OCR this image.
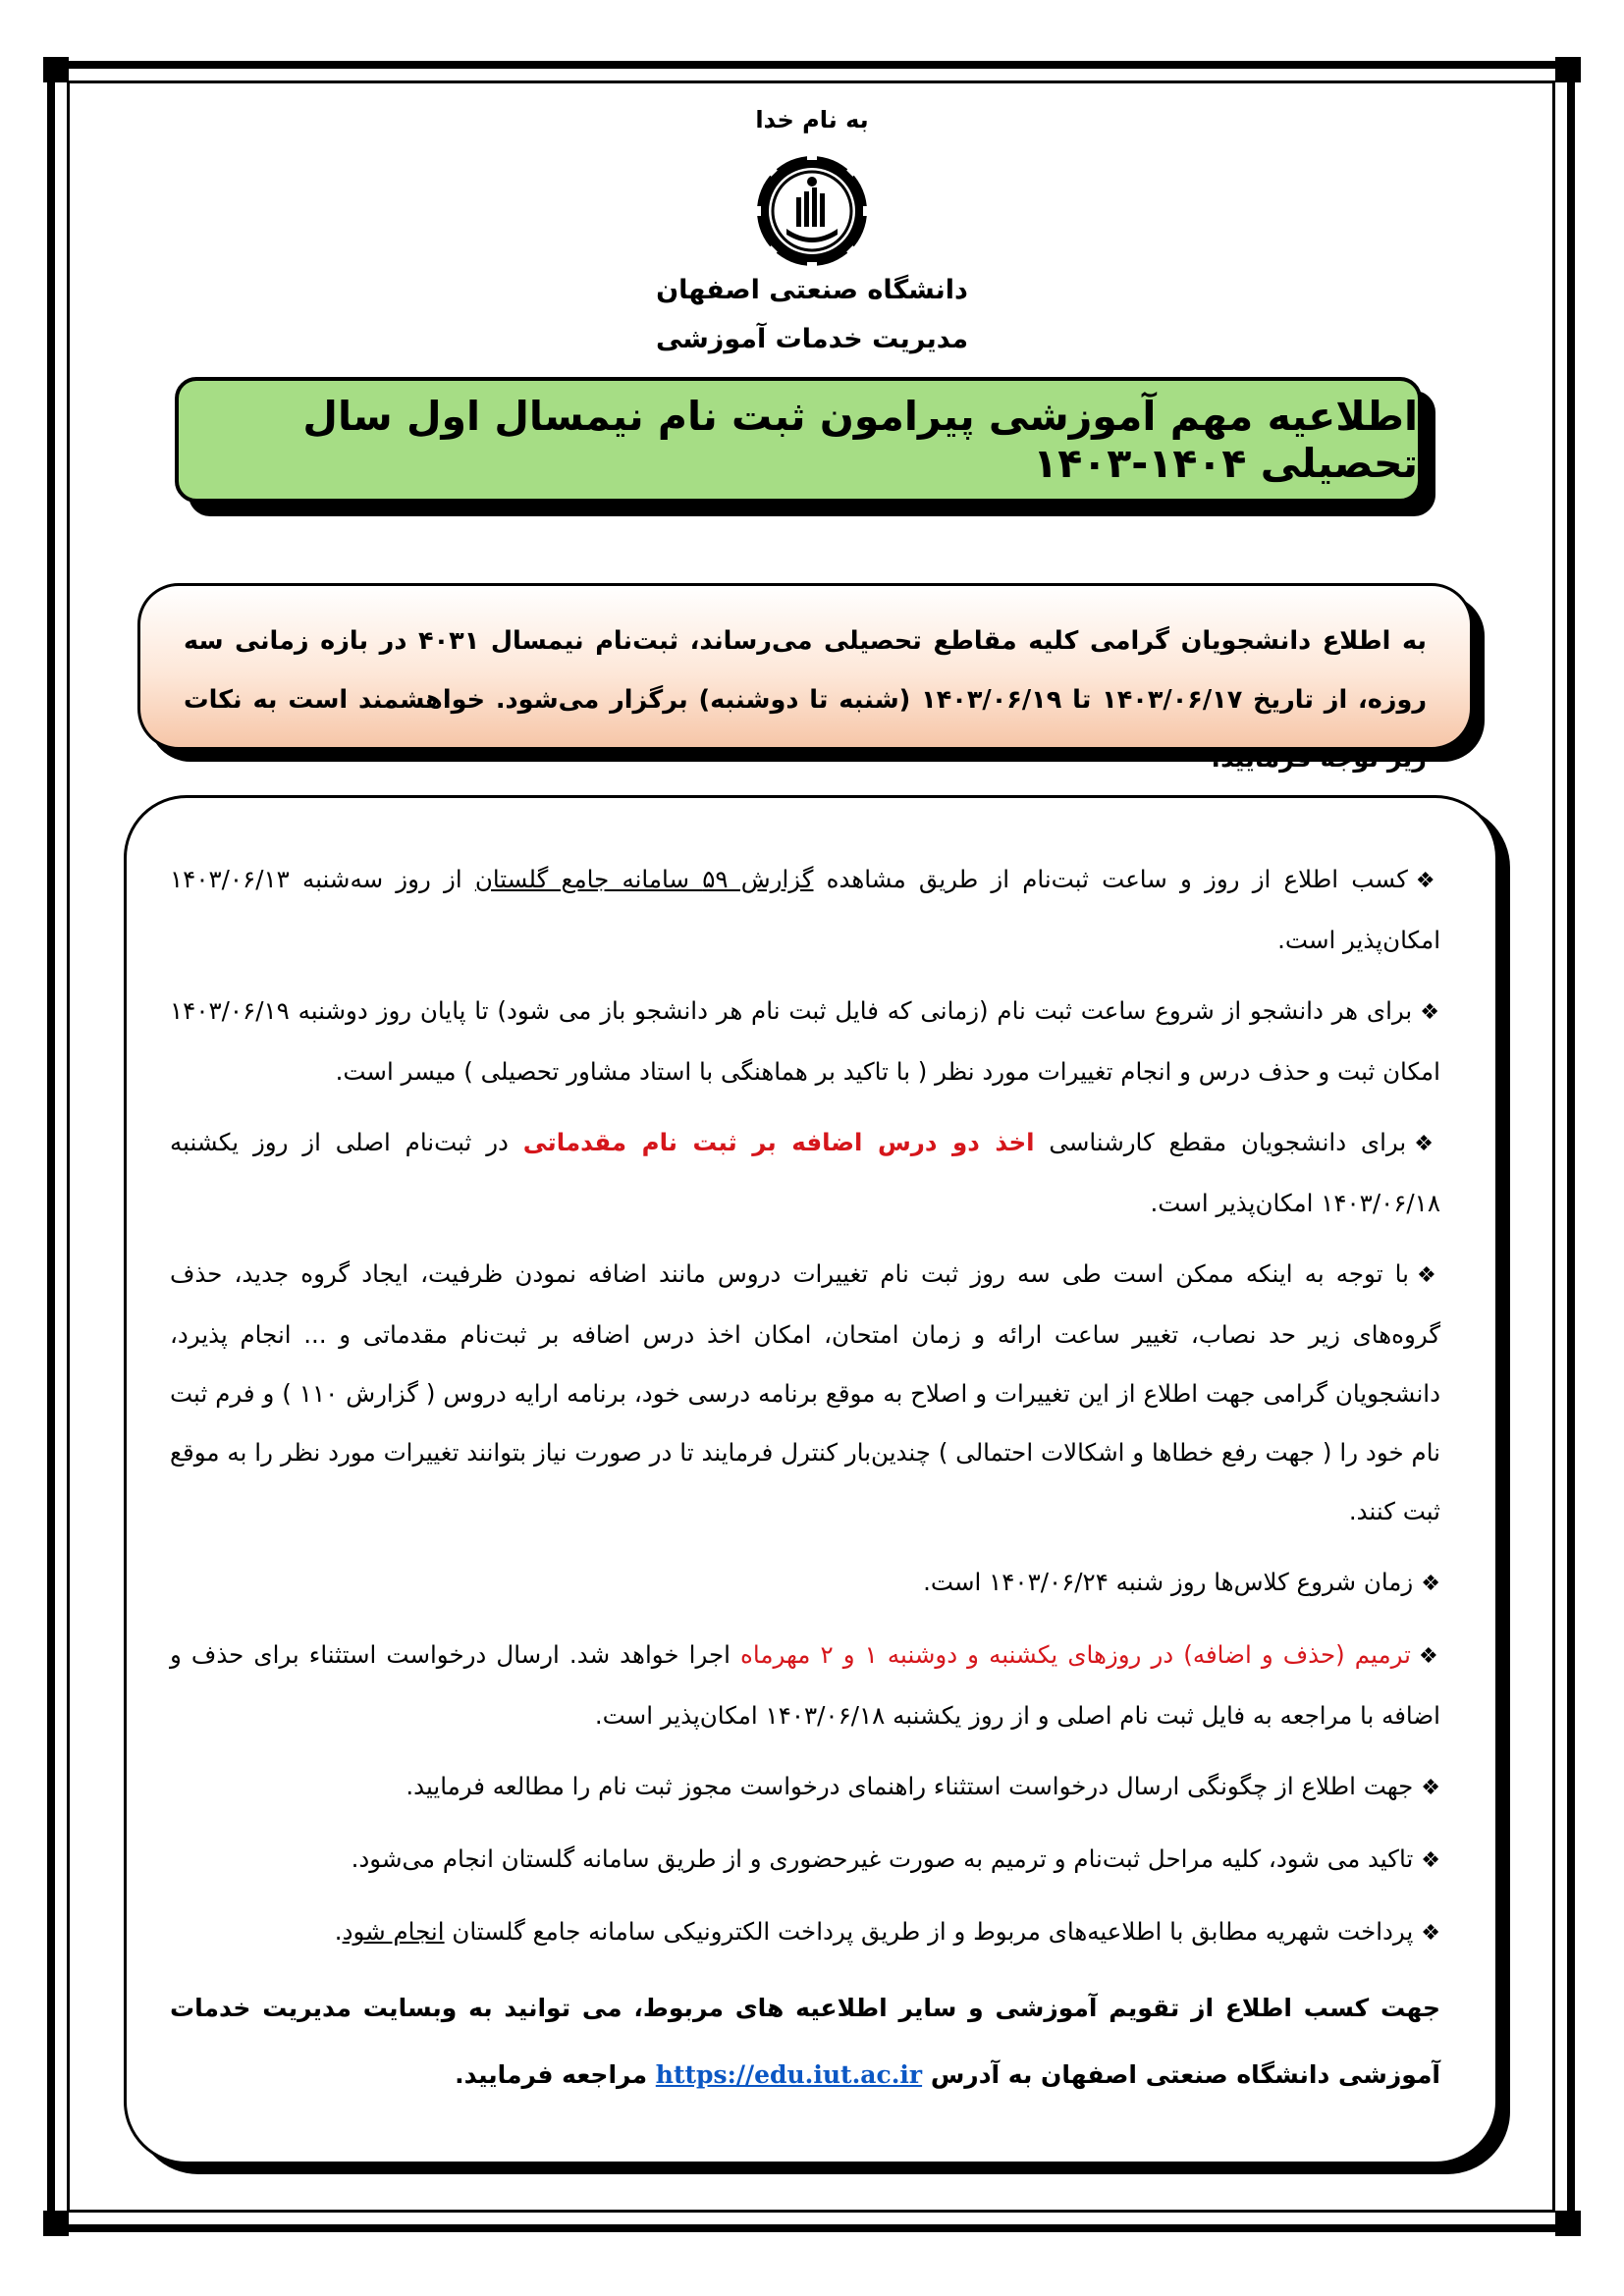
به نام خدا
دانشگاه صنعتی اصفهان
مدیریت خدمات آموزشی
اطلاعیه مهم آموزشی پیرامون ثبت نام نیمسال اول سال تحصیلی ۱۴۰۴-۱۴۰۳
به اطلاع دانشجویان گرامی کلیه مقاطع تحصیلی می‌رساند، ثبت‌نام نیمسال ۴۰۳۱ در بازه زمانی سه روزه، از تاریخ ۱۴۰۳/۰۶/۱۷ تا ۱۴۰۳/۰۶/۱۹ (شنبه تا دوشنبه) برگزار می‌شود. خواهشمند است به نکات زیر توجه فرمایید.

❖کسب اطلاع از روز و ساعت ثبت‌نام از طریق مشاهده گزارش ۵۹ سامانه جامع گلستان از روز سه‌شنبه ۱۴۰۳/۰۶/۱۳ امکان‌پذیر است.

❖برای هر دانشجو از شروع ساعت ثبت نام (زمانی که فایل ثبت نام هر دانشجو باز می شود) تا پایان روز دوشنبه ۱۴۰۳/۰۶/۱۹ امکان ثبت و حذف درس و انجام تغییرات مورد نظر ( با تاکید بر هماهنگی با استاد مشاور تحصیلی ) میسر است.

❖برای دانشجویان مقطع کارشناسی اخذ دو درس اضافه بر ثبت نام مقدماتی در ثبت‌نام اصلی از روز یکشنبه ۱۴۰۳/۰۶/۱۸ امکان‌پذیر است.

❖با توجه به اینکه ممکن است طی سه روز ثبت نام تغییرات دروس مانند اضافه نمودن ظرفیت، ایجاد گروه جدید، حذف گروه‌های زیر حد نصاب، تغییر ساعت ارائه و زمان امتحان، امکان اخذ درس اضافه بر ثبت‌نام مقدماتی و ... انجام پذیرد، دانشجویان گرامی جهت اطلاع از این تغییرات و اصلاح به موقع برنامه درسی خود، برنامه ارایه دروس ( گزارش ۱۱۰ ) و فرم ثبت نام خود را ( جهت رفع خطاها و اشکالات احتمالی ) چندین‌بار کنترل فرمایند تا در صورت نیاز بتوانند تغییرات مورد نظر را به موقع ثبت کنند.

❖زمان شروع کلاس‌ها روز شنبه ۱۴۰۳/۰۶/۲۴ است.

❖ترمیم (حذف و اضافه) در روزهای یکشنبه و دوشنبه ۱ و ۲ مهرماه اجرا خواهد شد. ارسال درخواست استثناء برای حذف و اضافه با مراجعه به فایل ثبت نام اصلی و از روز یکشنبه ۱۴۰۳/۰۶/۱۸ امکان‌پذیر است.

❖جهت اطلاع از چگونگی ارسال درخواست استثناء راهنمای درخواست مجوز ثبت نام را مطالعه فرمایید.

❖تاکید می شود، کلیه مراحل ثبت‌نام و ترمیم به صورت غیرحضوری و از طریق سامانه گلستان انجام می‌شود.

❖پرداخت شهریه مطابق با اطلاعیه‌های مربوط و از طریق پرداخت الکترونیکی سامانه جامع گلستان انجام شود.

جهت کسب اطلاع از تقویم آموزشی و سایر اطلاعیه های مربوط، می توانید به وبسایت مدیریت خدمات آموزشی دانشگاه صنعتی اصفهان به آدرس https://edu.iut.ac.ir مراجعه فرمایید.
